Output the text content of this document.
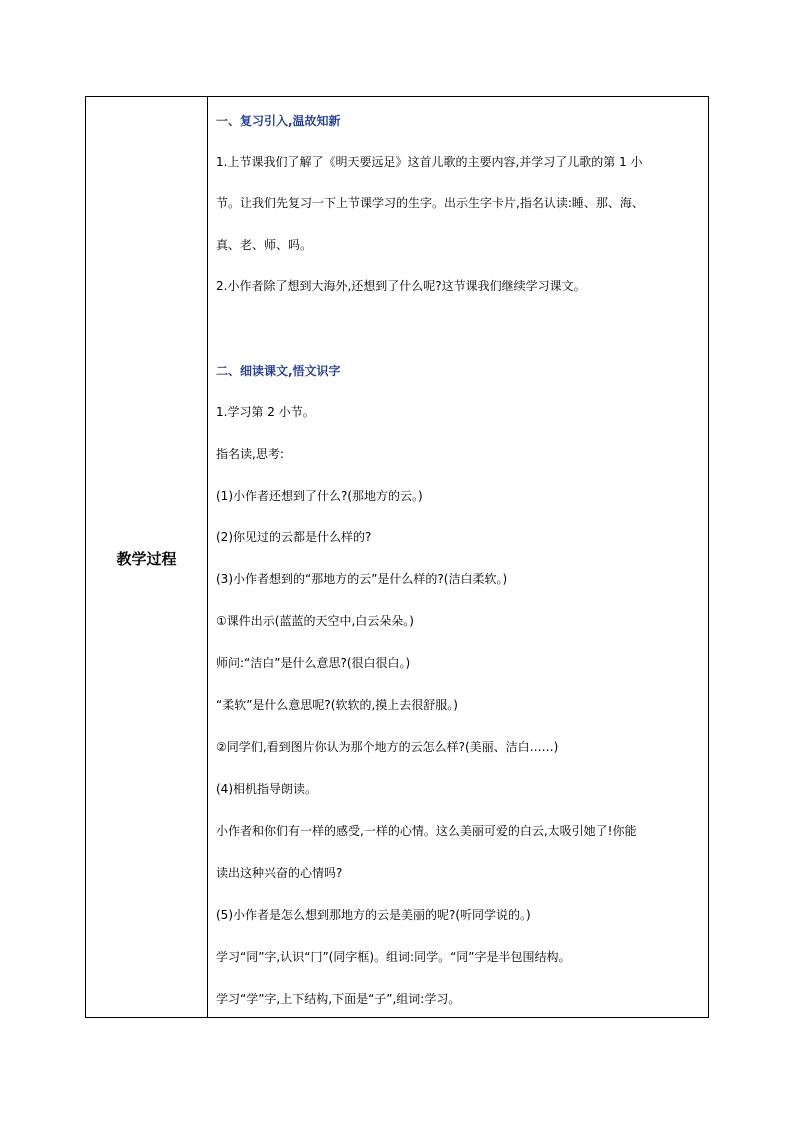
教学过程
一、复习引入,温故知新
1.上节课我们了解了《明天要远足》这首儿歌的主要内容,并学习了儿歌的第 1 小
节。让我们先复习一下上节课学习的生字。出示生字卡片,指名认读:睡、那、海、
真、老、师、吗。
2.小作者除了想到大海外,还想到了什么呢?这节课我们继续学习课文。
二、细读课文,悟文识字
1.学习第 2 小节。
指名读,思考:
(1)小作者还想到了什么?(那地方的云。)
(2)你见过的云都是什么样的?
(3)小作者想到的“那地方的云”是什么样的?(洁白柔软。)
①课件出示(蓝蓝的天空中,白云朵朵。)
师问:“洁白”是什么意思?(很白很白。)
“柔软”是什么意思呢?(软软的,摸上去很舒服。)
②同学们,看到图片你认为那个地方的云怎么样?(美丽、洁白……)
(4)相机指导朗读。
小作者和你们有一样的感受,一样的心情。这么美丽可爱的白云,太吸引她了!你能
读出这种兴奋的心情吗?
(5)小作者是怎么想到那地方的云是美丽的呢?(听同学说的。)
学习“同”字,认识“冂”(同字框)。组词:同学。“同”字是半包围结构。
学习“学”字,上下结构,下面是“子”,组词:学习。
